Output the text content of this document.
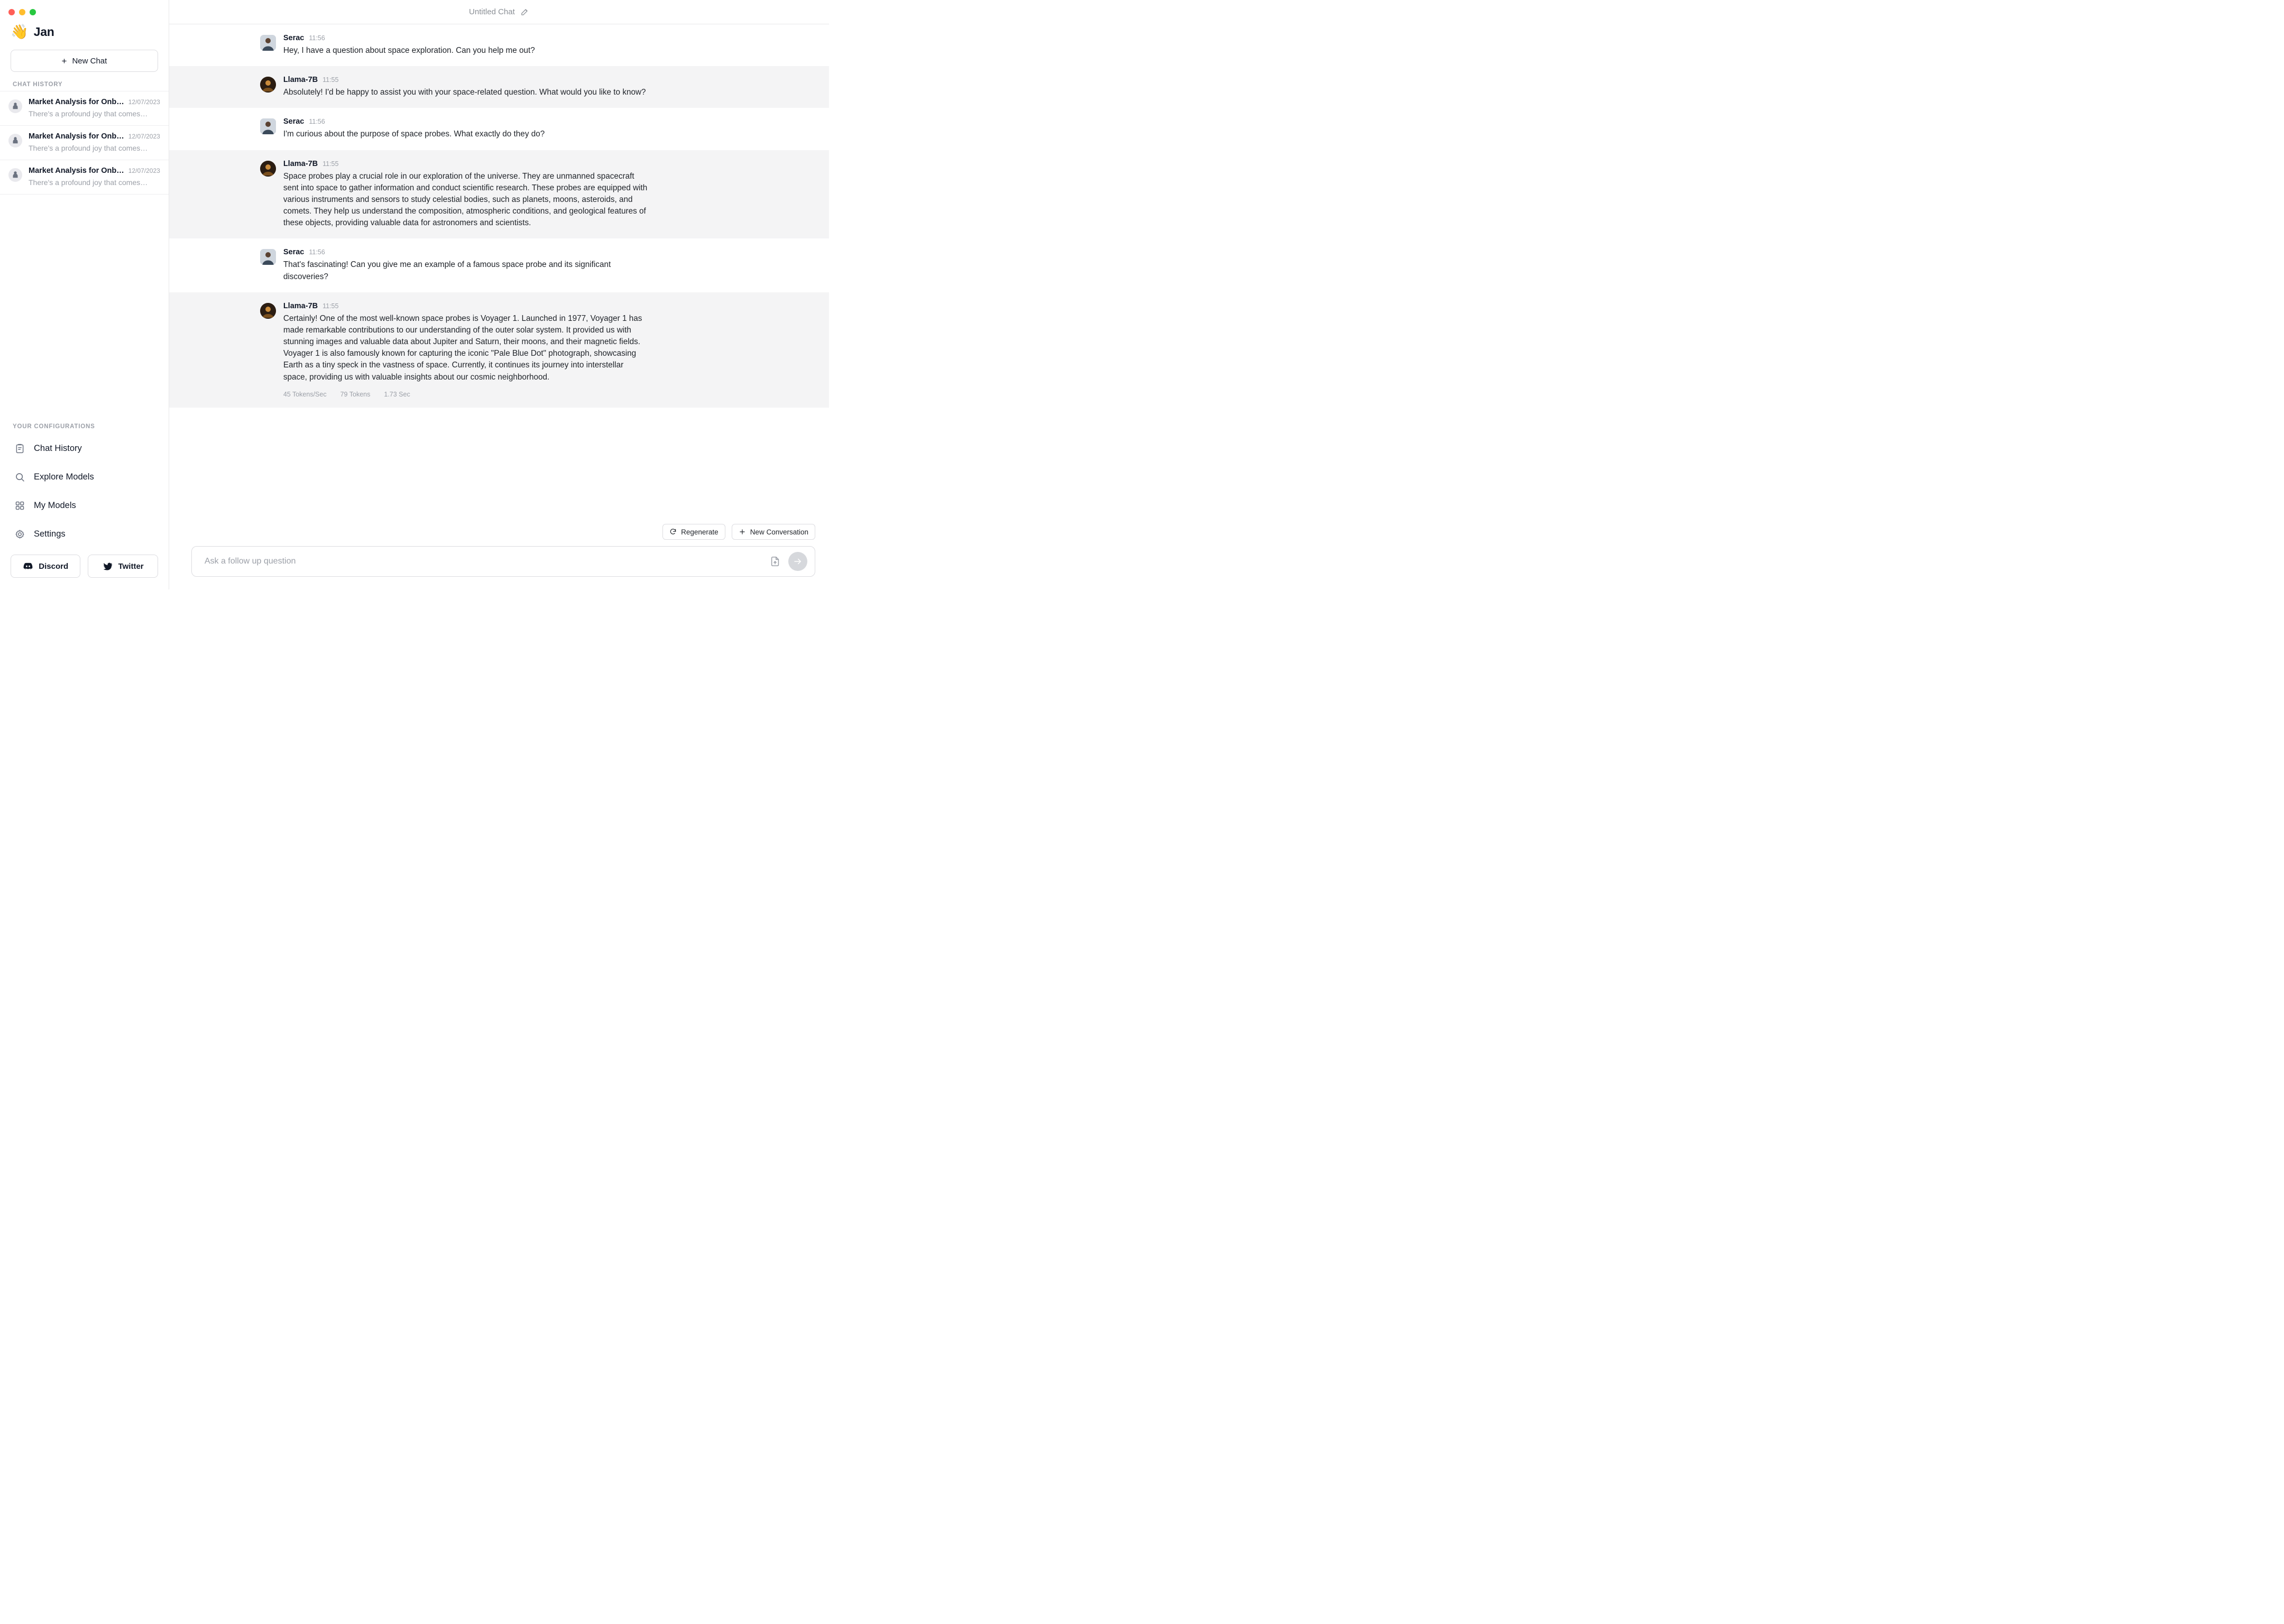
👋 Jan
+ New Chat
CHAT HISTORY
Market Analysis for Onb… 12/07/2023
There's a profound joy that comes…
Market Analysis for Onb… 12/07/2023
There's a profound joy that comes…
Market Analysis for Onb… 12/07/2023
There's a profound joy that comes…
YOUR CONFIGURATIONS
Chat History
Explore Models
My Models
Settings
Discord	Twitter
Untitled Chat
Serac 11:56
Hey, I have a question about space exploration. Can you help me out?
Llama-7B 11:55
Absolutely! I'd be happy to assist you with your space-related question. What would you like to know?
Serac 11:56
I'm curious about the purpose of space probes. What exactly do they do?
Llama-7B 11:55
Space probes play a crucial role in our exploration of the universe. They are unmanned spacecraft sent into space to gather information and conduct scientific research. These probes are equipped with various instruments and sensors to study celestial bodies, such as planets, moons, asteroids, and comets. They help us understand the composition, atmospheric conditions, and geological features of these objects, providing valuable data for astronomers and scientists.
Serac 11:56
That's fascinating! Can you give me an example of a famous space probe and its significant discoveries?
Llama-7B 11:55
Certainly! One of the most well-known space probes is Voyager 1. Launched in 1977, Voyager 1 has made remarkable contributions to our understanding of the outer solar system. It provided us with stunning images and valuable data about Jupiter and Saturn, their moons, and their magnetic fields. Voyager 1 is also famously known for capturing the iconic "Pale Blue Dot" photograph, showcasing Earth as a tiny speck in the vastness of space. Currently, it continues its journey into interstellar space, providing us with valuable insights about our cosmic neighborhood.
45 Tokens/Sec 79 Tokens 1.73 Sec
Regenerate	New Conversation
Ask a follow up question
